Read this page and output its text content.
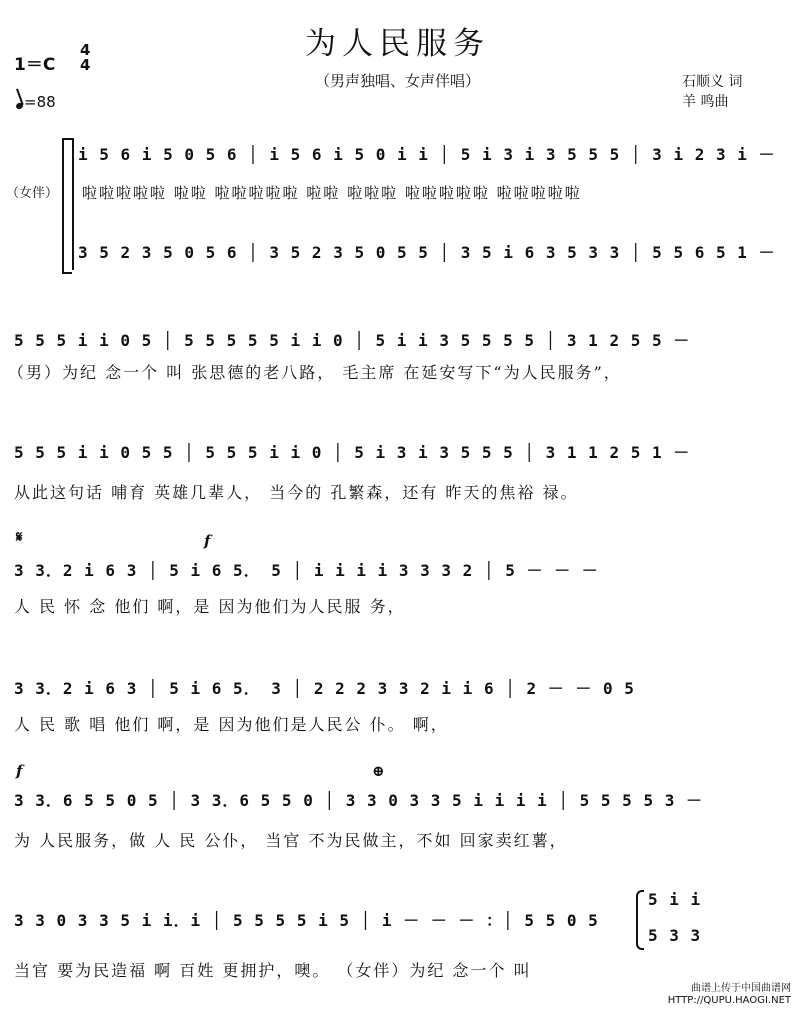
为人民服务
（男声独唱、女声伴唱）
1＝C
4
4
=88
石顺义 词
羊 鸣曲
（女伴）
i 5 6 i 5 0 5 6 │ i 5 6 i 5 0 i i │ 5 i 3 i 3 5 5 5 │ 3 i 2 3 i －
啦啦啦啦啦 啦啦 啦啦啦啦啦 啦啦 啦啦啦 啦啦啦啦啦 啦啦啦啦啦
3 5 2 3 5 0 5 6 │ 3 5 2 3 5 0 5 5 │ 3 5 i 6 3 5 3 3 │ 5 5 6 5 1 －
5 5 5 i i 0 5 │ 5 5 5 5 5 i i 0 │ 5 i i 3 5 5 5 5 │ 3 1 2 5 5 －
（男）为纪 念一个 叫 张思德的老八路， 毛主席 在延安写下“为人民服务”，
5 5 5 i i 0 5 5 │ 5 5 5 i i 0 │ 5 i 3 i 3 5 5 5 │ 3 1 1 2 5 1 －
从此这句话 哺育 英雄几辈人， 当今的 孔繁森，还有 昨天的焦裕 禄。
𝄋	f
3 3．2 i 6 3 │ 5 i 6 5． 5 │ i i i i 3 3 3 2 │ 5 － － －
人 民 怀 念 他们 啊，是 因为他们为人民服 务，
3 3．2 i 6 3 │ 5 i 6 5． 3 │ 2 2 2 3 3 2 i i 6 │ 2 － － 0 5
人 民 歌 唱 他们 啊，是 因为他们是人民公 仆。 啊，
f	⊕
3 3．6 5 5 0 5 │ 3 3．6 5 5 0 │ 3 3 0 3 3 5 i i i i │ 5 5 5 5 3 －
为 人民服务，做 人 民 公仆， 当官 不为民做主，不如 回家卖红薯，
3 3 0 3 3 5 i i．i │ 5 5 5 5 i 5 │ i － － － ：│ 5 5 0 5
5 i i
5 3 3
当官 要为民造福 啊 百姓 更拥护，噢。 （女伴）为纪 念一个 叫
曲谱上传于中国曲谱网
HTTP://QUPU.HAOGI.NET
